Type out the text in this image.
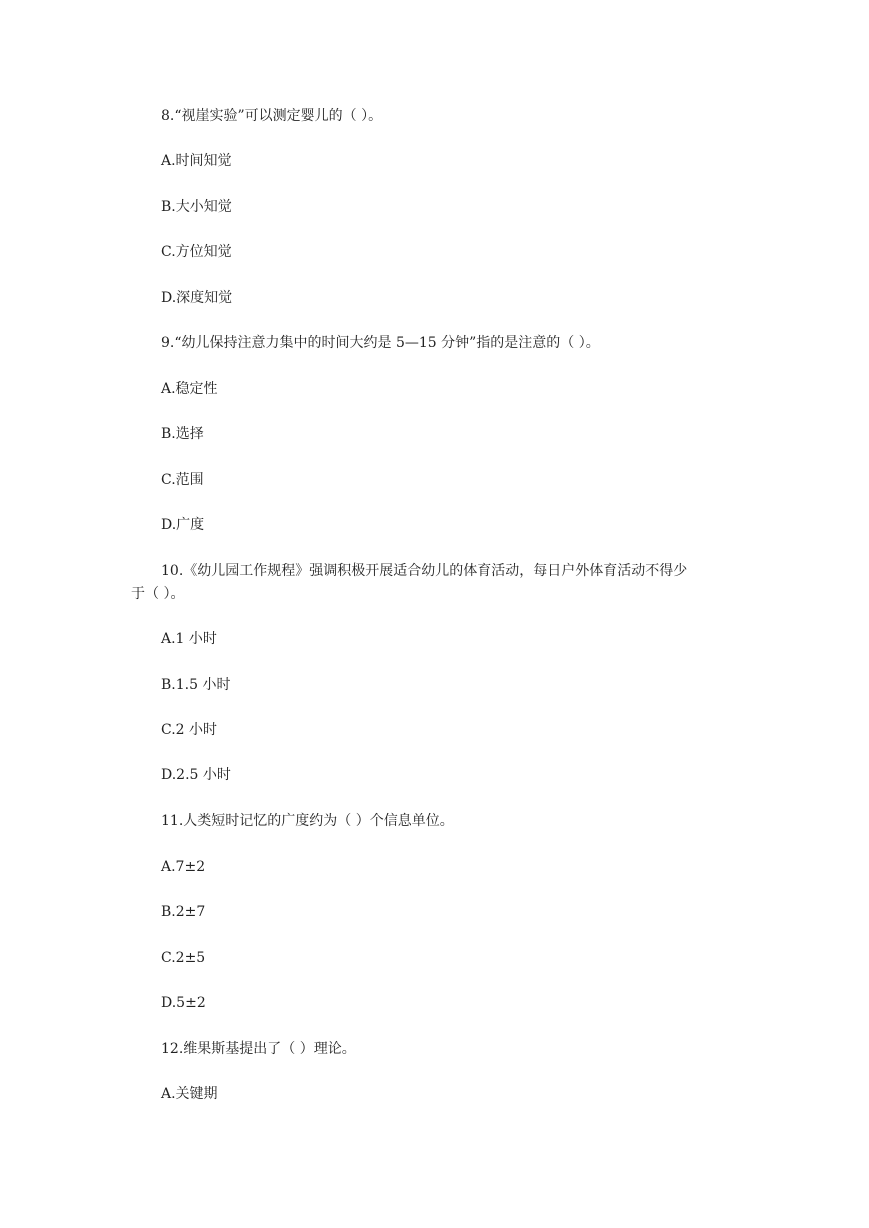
8.“视崖实验”可以测定婴儿的（ ）。
A.时间知觉
B.大小知觉
C.方位知觉
D.深度知觉
9.“幼儿保持注意力集中的时间大约是 5—15 分钟”指的是注意的（ ）。
A.稳定性
B.选择
C.范围
D.广度
10.《幼儿园工作规程》强调积极开展适合幼儿的体育活动，每日户外体育活动不得少
于（ ）。
A.1 小时
B.1.5 小时
C.2 小时
D.2.5 小时
11.人类短时记忆的广度约为（ ）个信息单位。
A.7±2
B.2±7
C.2±5
D.5±2
12.维果斯基提出了（ ）理论。
A.关键期
